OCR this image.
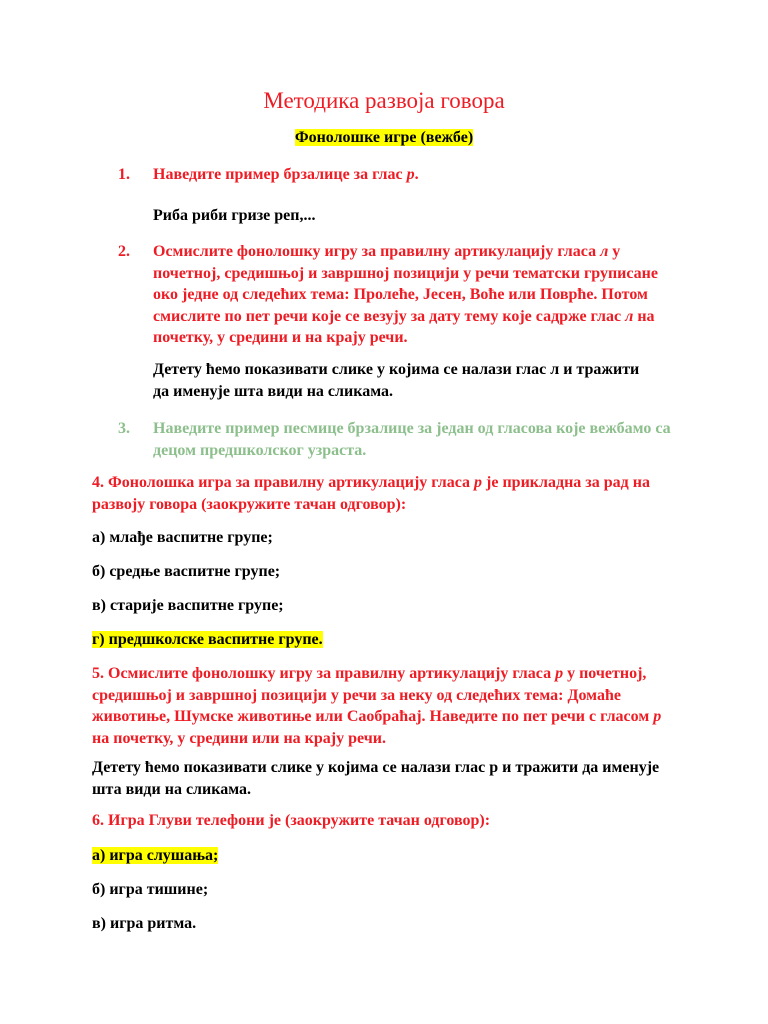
Методика развоја говора
Фонолошке игре (вежбе)
1. Наведите пример брзалице за глас р.
Риба риби гризе реп,...
2. Осмислите фонолошку игру за правилну артикулацију гласа л у почетној, средишњој и завршној позицији у речи тематски груписане око једне од следећих тема: Пролеће, Јесен, Воће или Поврће. Потом смислите по пет речи које се везују за дату тему које садрже глас л на почетку, у средини и на крају речи.
Детету ћемо показивати слике у којима се налази глас л и тражити да именује шта види на сликама.
3. Наведите пример песмице брзалице за један од гласова које вежбамо са децом предшколског узраста.
4. Фонолошка игра за правилну артикулацију гласа р је прикладна за рад на развоју говора (заокружите тачан одговор):
а) млађе васпитне групе;
б) средње васпитне групе;
в) старије васпитне групе;
г) предшколске васпитне групе.
5. Осмислите фонолошку игру за правилну артикулацију гласа р у почетној, средишњој и завршној позицији у речи за неку од следећих тема: Домаће животиње, Шумске животиње или Саобраћај. Наведите по пет речи с гласом р на почетку, у средини или на крају речи.
Детету ћемо показивати слике у којима се налази глас р и тражити да именује шта види на сликама.
6. Игра Глуви телефони је (заокружите тачан одговор):
а) игра слушања;
б) игра тишине;
в) игра ритма.
